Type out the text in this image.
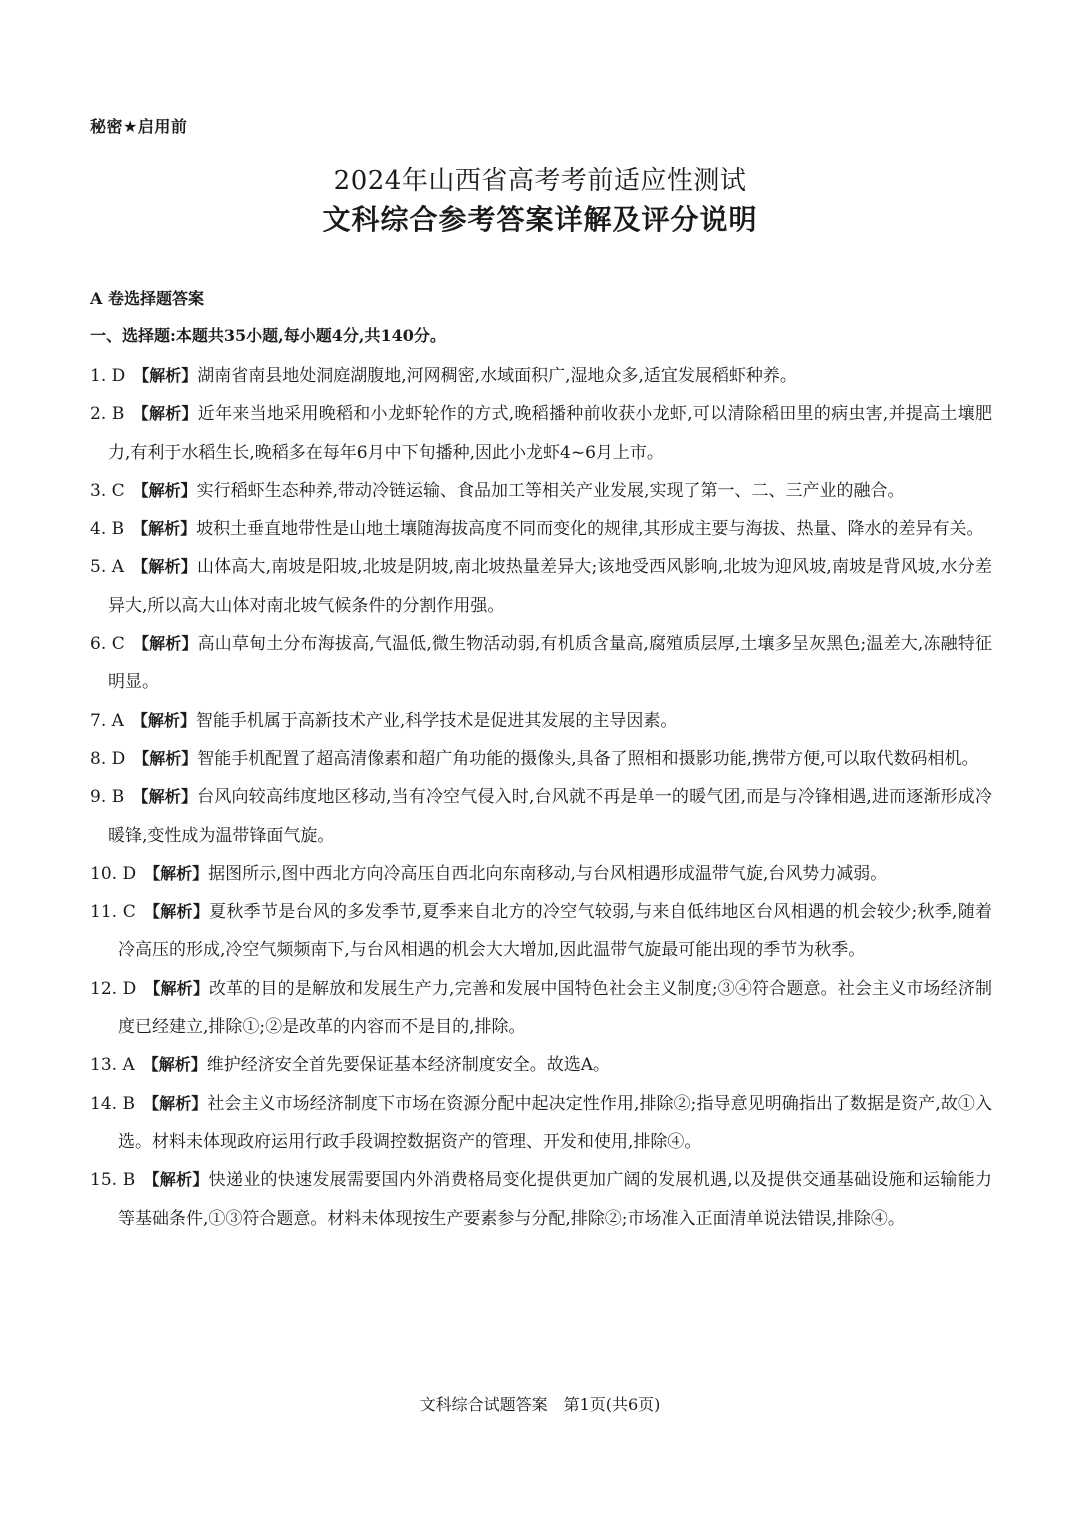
秘密★启用前
2024年山西省高考考前适应性测试
文科综合参考答案详解及评分说明
A 卷选择题答案
一、选择题:本题共35小题,每小题4分,共140分。
1. D 【解析】湖南省南县地处洞庭湖腹地,河网稠密,水域面积广,湿地众多,适宜发展稻虾种养。
2. B 【解析】近年来当地采用晚稻和小龙虾轮作的方式,晚稻播种前收获小龙虾,可以清除稻田里的病虫害,并提高土壤肥力,有利于水稻生长,晚稻多在每年6月中下旬播种,因此小龙虾4~6月上市。
3. C 【解析】实行稻虾生态种养,带动冷链运输、食品加工等相关产业发展,实现了第一、二、三产业的融合。
4. B 【解析】坡积土垂直地带性是山地土壤随海拔高度不同而变化的规律,其形成主要与海拔、热量、降水的差异有关。
5. A 【解析】山体高大,南坡是阳坡,北坡是阴坡,南北坡热量差异大;该地受西风影响,北坡为迎风坡,南坡是背风坡,水分差异大,所以高大山体对南北坡气候条件的分割作用强。
6. C 【解析】高山草甸土分布海拔高,气温低,微生物活动弱,有机质含量高,腐殖质层厚,土壤多呈灰黑色;温差大,冻融特征明显。
7. A 【解析】智能手机属于高新技术产业,科学技术是促进其发展的主导因素。
8. D 【解析】智能手机配置了超高清像素和超广角功能的摄像头,具备了照相和摄影功能,携带方便,可以取代数码相机。
9. B 【解析】台风向较高纬度地区移动,当有冷空气侵入时,台风就不再是单一的暖气团,而是与冷锋相遇,进而逐渐形成冷暖锋,变性成为温带锋面气旋。
10. D 【解析】据图所示,图中西北方向冷高压自西北向东南移动,与台风相遇形成温带气旋,台风势力减弱。
11. C 【解析】夏秋季节是台风的多发季节,夏季来自北方的冷空气较弱,与来自低纬地区台风相遇的机会较少;秋季,随着冷高压的形成,冷空气频频南下,与台风相遇的机会大大增加,因此温带气旋最可能出现的季节为秋季。
12. D 【解析】改革的目的是解放和发展生产力,完善和发展中国特色社会主义制度;③④符合题意。社会主义市场经济制度已经建立,排除①;②是改革的内容而不是目的,排除。
13. A 【解析】维护经济安全首先要保证基本经济制度安全。故选A。
14. B 【解析】社会主义市场经济制度下市场在资源分配中起决定性作用,排除②;指导意见明确指出了数据是资产,故①入选。材料未体现政府运用行政手段调控数据资产的管理、开发和使用,排除④。
15. B 【解析】快递业的快速发展需要国内外消费格局变化提供更加广阔的发展机遇,以及提供交通基础设施和运输能力等基础条件,①③符合题意。材料未体现按生产要素参与分配,排除②;市场准入正面清单说法错误,排除④。
文科综合试题答案　第1页(共6页)
